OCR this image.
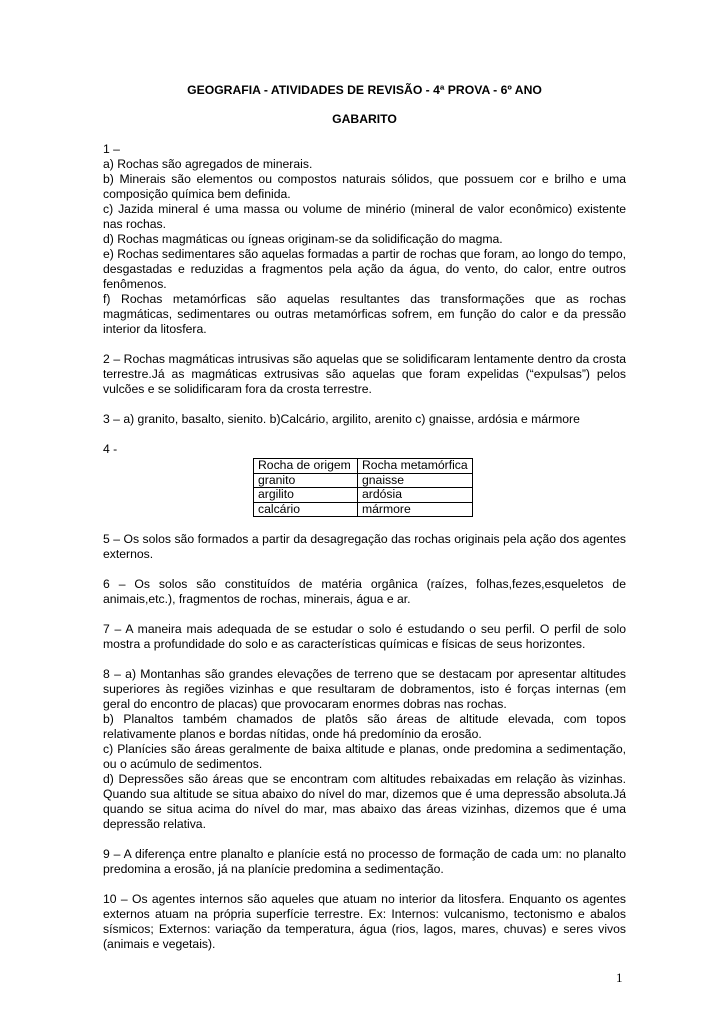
GEOGRAFIA - ATIVIDADES DE REVISÃO - 4ª PROVA - 6º ANO

GABARITO

1 –

a) Rochas são agregados de minerais.

b) Minerais são elementos ou compostos naturais sólidos, que possuem cor e brilho e uma composição química bem definida.

c) Jazida mineral é uma massa ou volume de minério (mineral de valor econômico) existente nas rochas.

d) Rochas magmáticas ou ígneas originam-se da solidificação do magma.

e) Rochas sedimentares são aquelas formadas a partir de rochas que foram, ao longo do tempo, desgastadas e reduzidas a fragmentos pela ação da água, do vento, do calor, entre outros fenômenos.

f) Rochas metamórficas são aquelas resultantes das transformações que as rochas magmáticas, sedimentares ou outras metamórficas sofrem, em função do calor e da pressão interior da litosfera.

2 – Rochas magmáticas intrusivas são aquelas que se solidificaram lentamente dentro da crosta terrestre.Já as magmáticas extrusivas são aquelas que foram expelidas (“expulsas”) pelos vulcões e se solidificaram fora da crosta terrestre.

3 – a) granito, basalto, sienito. b)Calcário, argilito, arenito c) gnaisse, ardósia e mármore

4 -

Rocha de origem	Rocha metamórfica
granito	gnaisse
argilito	ardósia
calcário	mármore

5 – Os solos são formados a partir da desagregação das rochas originais pela ação dos agentes externos.

6 – Os solos são constituídos de matéria orgânica (raízes, folhas,fezes,esqueletos de animais,etc.), fragmentos de rochas, minerais, água e ar.

7 – A maneira mais adequada de se estudar o solo é estudando o seu perfil. O perfil de solo mostra a profundidade do solo e as características químicas e físicas de seus horizontes.

8 – a) Montanhas são grandes elevações de terreno que se destacam por apresentar altitudes superiores às regiões vizinhas e que resultaram de dobramentos, isto é forças internas (em geral do encontro de placas) que provocaram enormes dobras nas rochas.

b) Planaltos também chamados de platôs são áreas de altitude elevada, com topos relativamente planos e bordas nítidas, onde há predomínio da erosão.

c) Planícies são áreas geralmente de baixa altitude e planas, onde predomina a sedimentação, ou o acúmulo de sedimentos.

d) Depressões são áreas que se encontram com altitudes rebaixadas em relação às vizinhas. Quando sua altitude se situa abaixo do nível do mar, dizemos que é uma depressão absoluta.Já quando se situa acima do nível do mar, mas abaixo das áreas vizinhas, dizemos que é uma depressão relativa.

9 – A diferença entre planalto e planície está no processo de formação de cada um: no planalto predomina a erosão, já na planície predomina a sedimentação.

10 – Os agentes internos são aqueles que atuam no interior da litosfera. Enquanto os agentes externos atuam na própria superfície terrestre. Ex: Internos: vulcanismo, tectonismo e abalos sísmicos; Externos: variação da temperatura, água (rios, lagos, mares, chuvas) e seres vivos (animais e vegetais).

1
